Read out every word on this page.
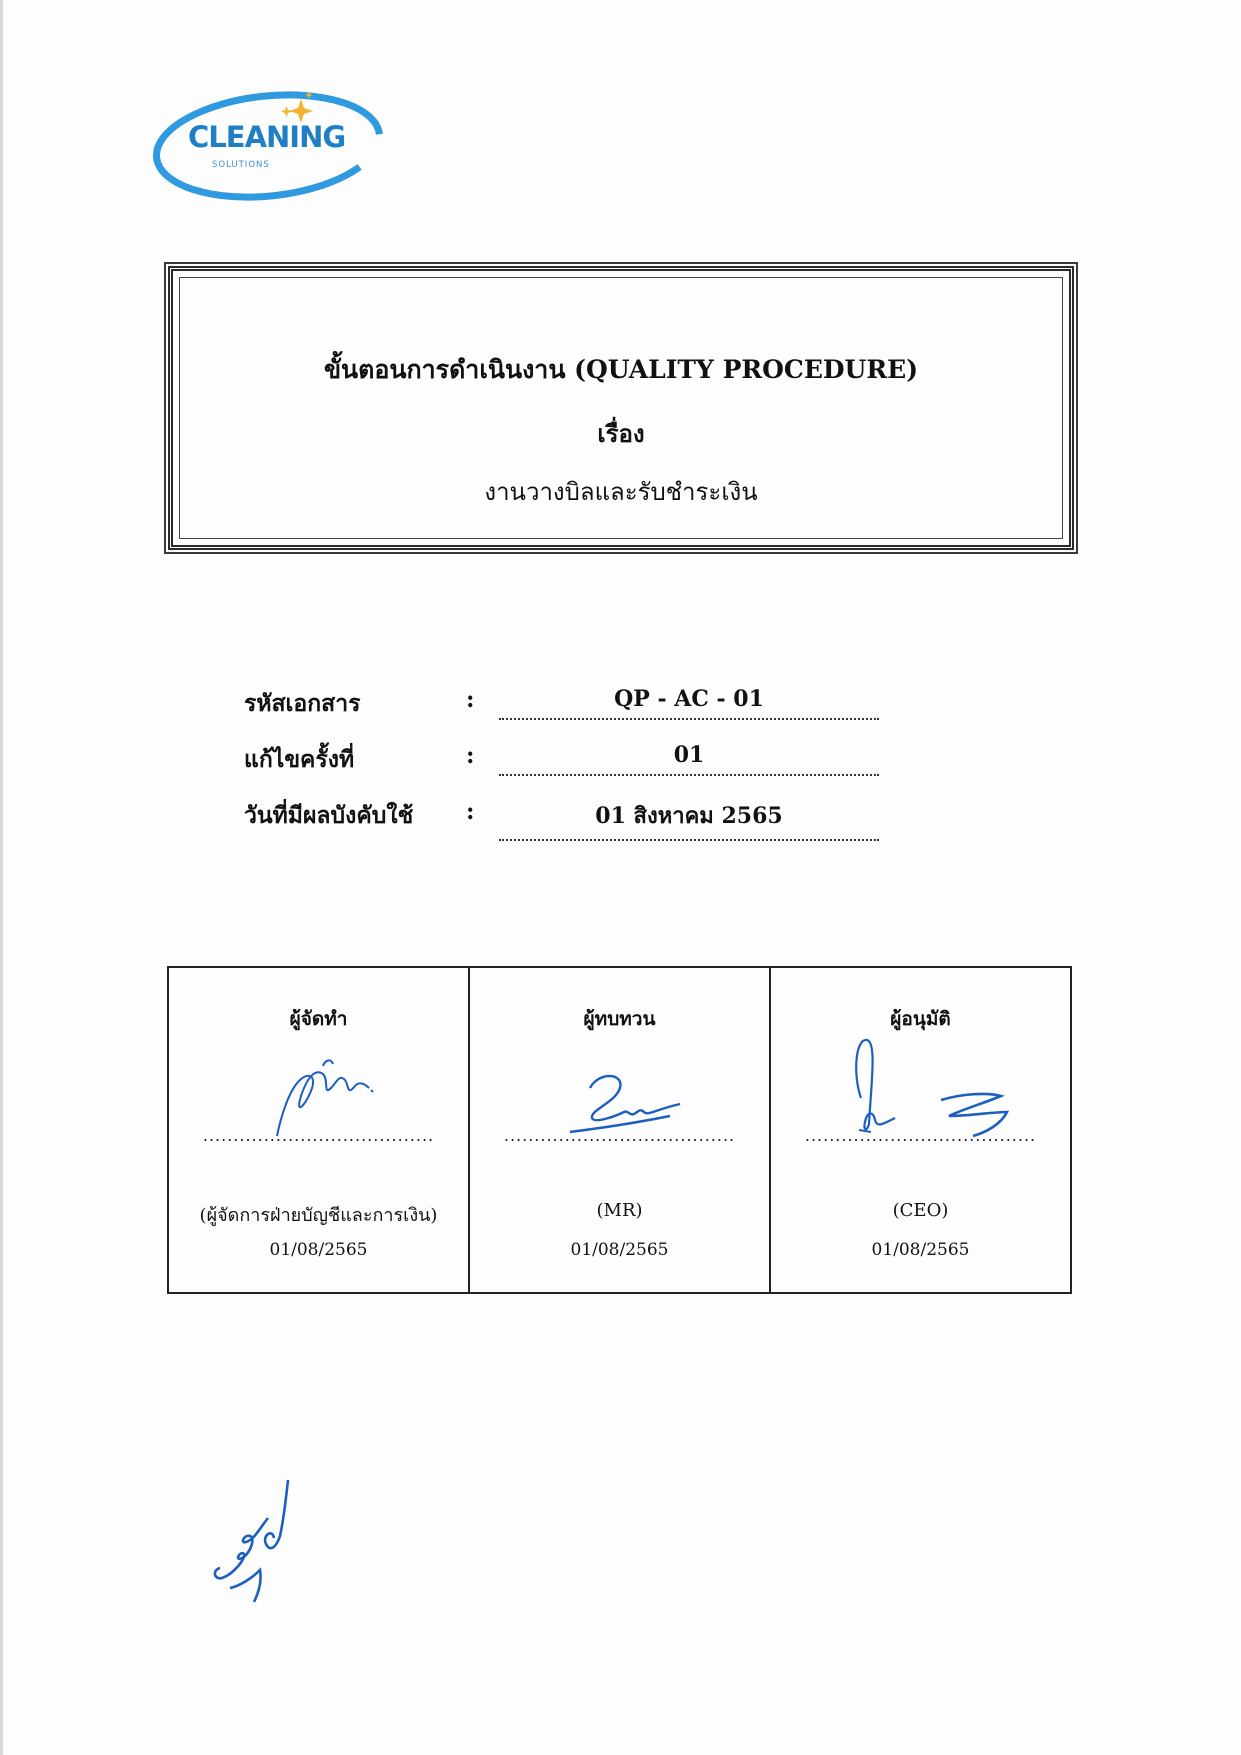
CLEANING
SOLUTIONS
ขั้นตอนการดำเนินงาน (QUALITY PROCEDURE)
เรื่อง
งานวางบิลและรับชำระเงิน
รหัสเอกสาร	:	QP - AC - 01
แก้ไขครั้งที่	:	01
วันที่มีผลบังคับใช้ :	01 สิงหาคม 2565
ผู้จัดทำ
......................................
(ผู้จัดการฝ่ายบัญชีและการเงิน)
01/08/2565

ผู้ทบทวน
......................................
(MR)
01/08/2565

ผู้อนุมัติ
......................................
(CEO)
01/08/2565
